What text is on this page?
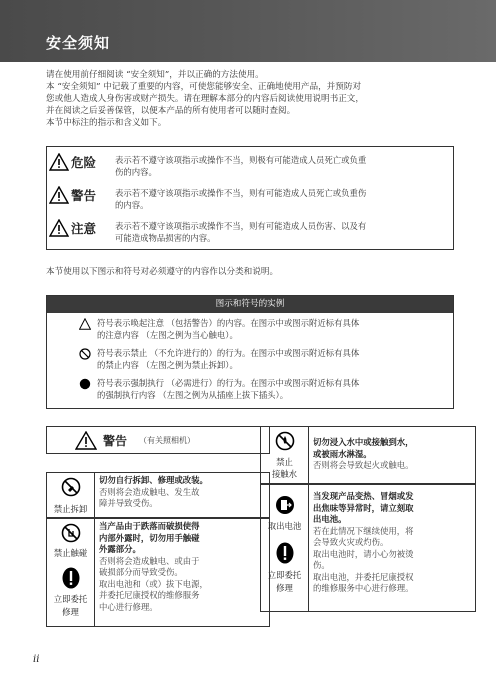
安全须知

请在使用前仔细阅读 “安全须知”，并以正确的方法使用。

本 “安全须知” 中记载了重要的内容，可使您能够安全、正确地使用产品，并预防对

您或他人造成人身伤害或财产损失。请在理解本部分的内容后阅读使用说明书正文，

并在阅读之后妥善保管，以便本产品的所有使用者可以随时查阅。

本节中标注的指示和含义如下。

危险 表示若不遵守该项指示或操作不当，则极有可能造成人员死亡或负重
伤的内容。
警告 表示若不遵守该项指示或操作不当，则有可能造成人员死亡或负重伤
的内容。
注意 表示若不遵守该项指示或操作不当，则有可能造成人员伤害、以及有
可能造成物品损害的内容。
本节使用以下图示和符号对必须遵守的内容作以分类和说明。
图示和符号的实例
符号表示唤起注意 （包括警告）的内容。在图示中或图示附近标有具体
的注意内容 （左图之例为当心触电）。
符号表示禁止 （不允许进行的）的行为。在图示中或图示附近标有具体
的禁止内容 （左图之例为禁止拆卸）。
符号表示强制执行 （必需进行）的行为。在图示中或图示附近标有具体
的强制执行内容 （左图之例为从插座上拔下插头）。
警告 （有关照相机）
禁止拆卸
切勿自行拆卸、修理或改装。
否则将会造成触电、发生故
障并导致受伤。
禁止触碰
立即委托
修理
当产品由于跌落而破损使得
内部外露时，切勿用手触碰
外露部分。
否则将会造成触电、或由于
破损部分而导致受伤。
取出电池和（或）拔下电源，
并委托尼康授权的维修服务
中心进行修理。
禁止
接触水
切勿浸入水中或接触到水，
或被雨水淋湿。
否则将会导致起火或触电。
取出电池
立即委托
修理
当发现产品变热、冒烟或发
出焦味等异常时，请立刻取
出电池。
若在此情况下继续使用，将
会导致火灾或灼伤。
取出电池时，请小心勿被烫
伤。
取出电池，并委托尼康授权
的维修服务中心进行修理。
ii
